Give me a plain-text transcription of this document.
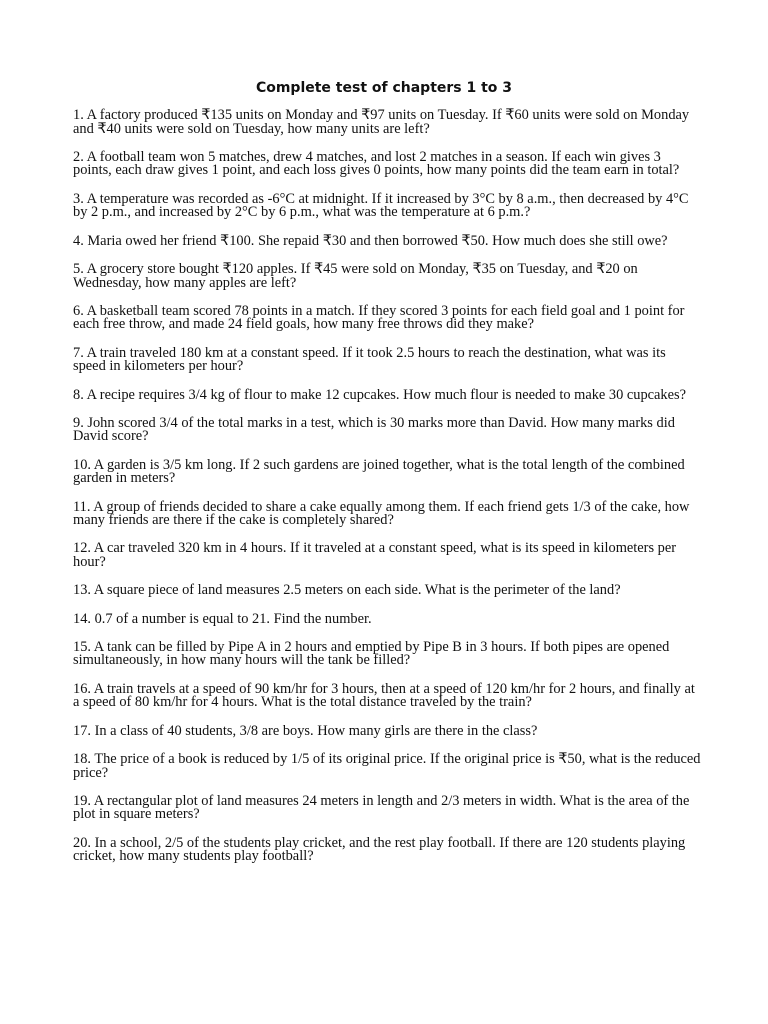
Complete test of chapters 1 to 3
1. A factory produced ₹135 units on Monday and ₹97 units on Tuesday. If ₹60 units were sold on Monday and ₹40 units were sold on Tuesday, how many units are left?
2. A football team won 5 matches, drew 4 matches, and lost 2 matches in a season. If each win gives 3 points, each draw gives 1 point, and each loss gives 0 points, how many points did the team earn in total?
3. A temperature was recorded as -6°C at midnight. If it increased by 3°C by 8 a.m., then decreased by 4°C by 2 p.m., and increased by 2°C by 6 p.m., what was the temperature at 6 p.m.?
4. Maria owed her friend ₹100. She repaid ₹30 and then borrowed ₹50. How much does she still owe?
5. A grocery store bought ₹120 apples. If ₹45 were sold on Monday, ₹35 on Tuesday, and ₹20 on Wednesday, how many apples are left?
6. A basketball team scored 78 points in a match. If they scored 3 points for each field goal and 1 point for each free throw, and made 24 field goals, how many free throws did they make?
7. A train traveled 180 km at a constant speed. If it took 2.5 hours to reach the destination, what was its speed in kilometers per hour?
8. A recipe requires 3/4 kg of flour to make 12 cupcakes. How much flour is needed to make 30 cupcakes?
9. John scored 3/4 of the total marks in a test, which is 30 marks more than David. How many marks did David score?
10. A garden is 3/5 km long. If 2 such gardens are joined together, what is the total length of the combined garden in meters?
11. A group of friends decided to share a cake equally among them. If each friend gets 1/3 of the cake, how many friends are there if the cake is completely shared?
12. A car traveled 320 km in 4 hours. If it traveled at a constant speed, what is its speed in kilometers per hour?
13. A square piece of land measures 2.5 meters on each side. What is the perimeter of the land?
14. 0.7 of a number is equal to 21. Find the number.
15. A tank can be filled by Pipe A in 2 hours and emptied by Pipe B in 3 hours. If both pipes are opened simultaneously, in how many hours will the tank be filled?
16. A train travels at a speed of 90 km/hr for 3 hours, then at a speed of 120 km/hr for 2 hours, and finally at a speed of 80 km/hr for 4 hours. What is the total distance traveled by the train?
17. In a class of 40 students, 3/8 are boys. How many girls are there in the class?
18. The price of a book is reduced by 1/5 of its original price. If the original price is ₹50, what is the reduced price?
19. A rectangular plot of land measures 24 meters in length and 2/3 meters in width. What is the area of the plot in square meters?
20. In a school, 2/5 of the students play cricket, and the rest play football. If there are 120 students playing cricket, how many students play football?
